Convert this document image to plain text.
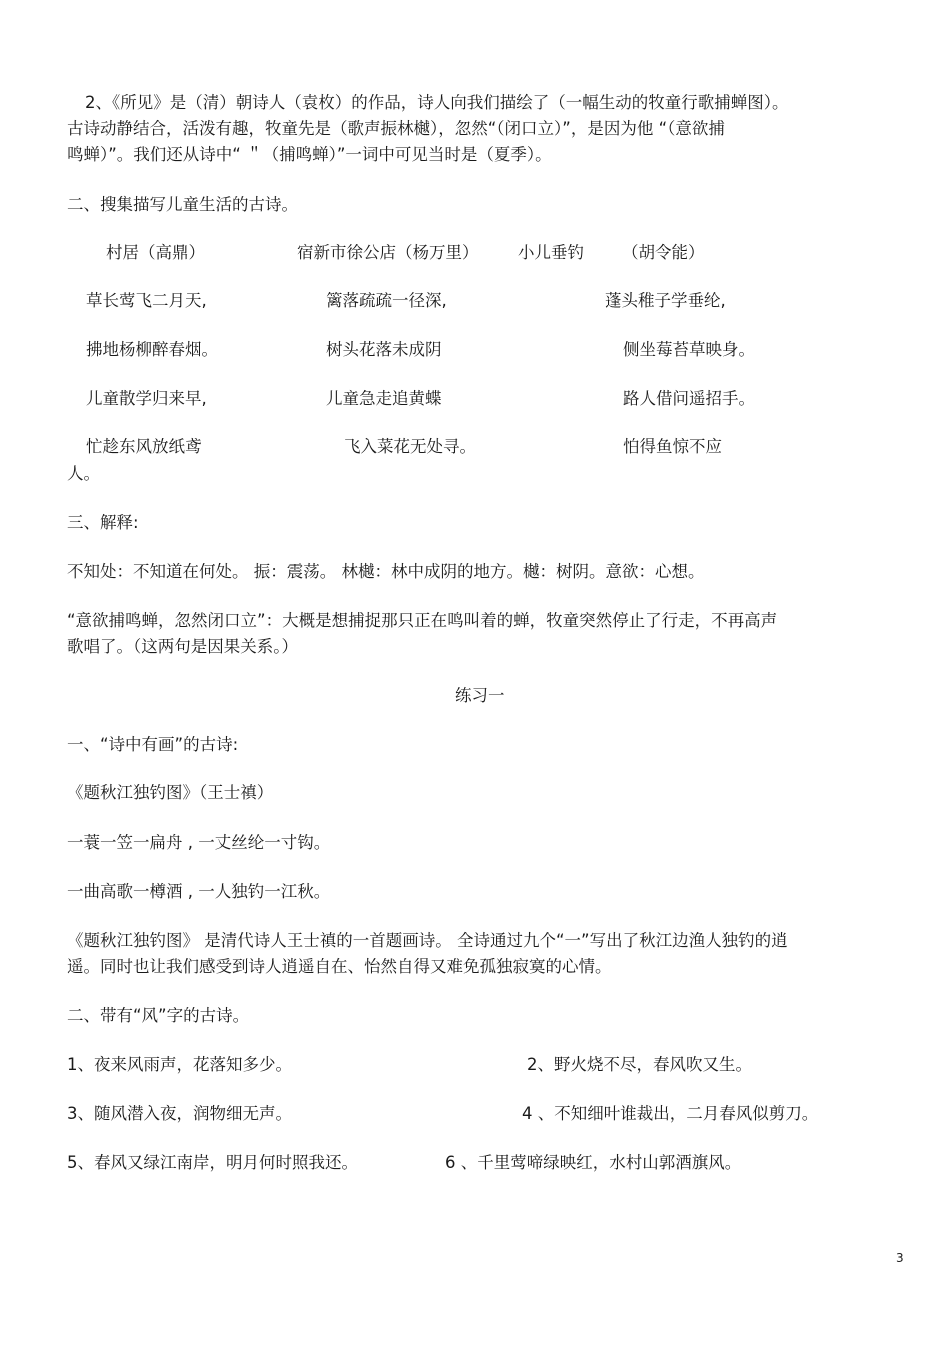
2、《所见》是（清）朝诗人（袁枚）的作品，诗人向我们描绘了（一幅生动的牧童行歌捕蝉图）。
古诗动静结合，活泼有趣，牧童先是（歌声振林樾），忽然“（闭口立）”，是因为他 “（意欲捕
鸣蝉）”。我们还从诗中“ ＂（捕鸣蝉）”一词中可见当时是（夏季）。
二、搜集描写儿童生活的古诗。
村居（高鼎）	宿新市徐公店（杨万里） 小儿垂钓 （胡令能）
草长莺飞二月天,	篱落疏疏一径深,	蓬头稚子学垂纶,
拂地杨柳醉春烟。	树头花落未成阴	侧坐莓苔草映身。
儿童散学归来早,	儿童急走追黄蝶	路人借问遥招手。
忙趁东风放纸鸢	飞入菜花无处寻。	怕得鱼惊不应
人。
三、解释:
不知处：不知道在何处。 振：震荡。 林樾：林中成阴的地方。樾：树阴。意欲：心想。
“意欲捕鸣蝉，忽然闭口立”：大概是想捕捉那只正在鸣叫着的蝉，牧童突然停止了行走，不再高声
歌唱了。（这两句是因果关系。）
练习一
一、“诗中有画”的古诗:
《题秋江独钓图》（王士禛）
一蓑一笠一扁舟 , 一丈丝纶一寸钩。
一曲高歌一樽酒 , 一人独钓一江秋。
《题秋江独钓图》 是清代诗人王士禛的一首题画诗。 全诗通过九个“一”写出了秋江边渔人独钓的逍
遥。同时也让我们感受到诗人逍遥自在、怡然自得又难免孤独寂寞的心情。
二、带有“风”字的古诗。
1、夜来风雨声，花落知多少。	2、野火烧不尽，春风吹又生。
3、随风潜入夜，润物细无声。	4 、不知细叶谁裁出，二月春风似剪刀。
5、春风又绿江南岸，明月何时照我还。	6 、千里莺啼绿映红，水村山郭酒旗风。
3
